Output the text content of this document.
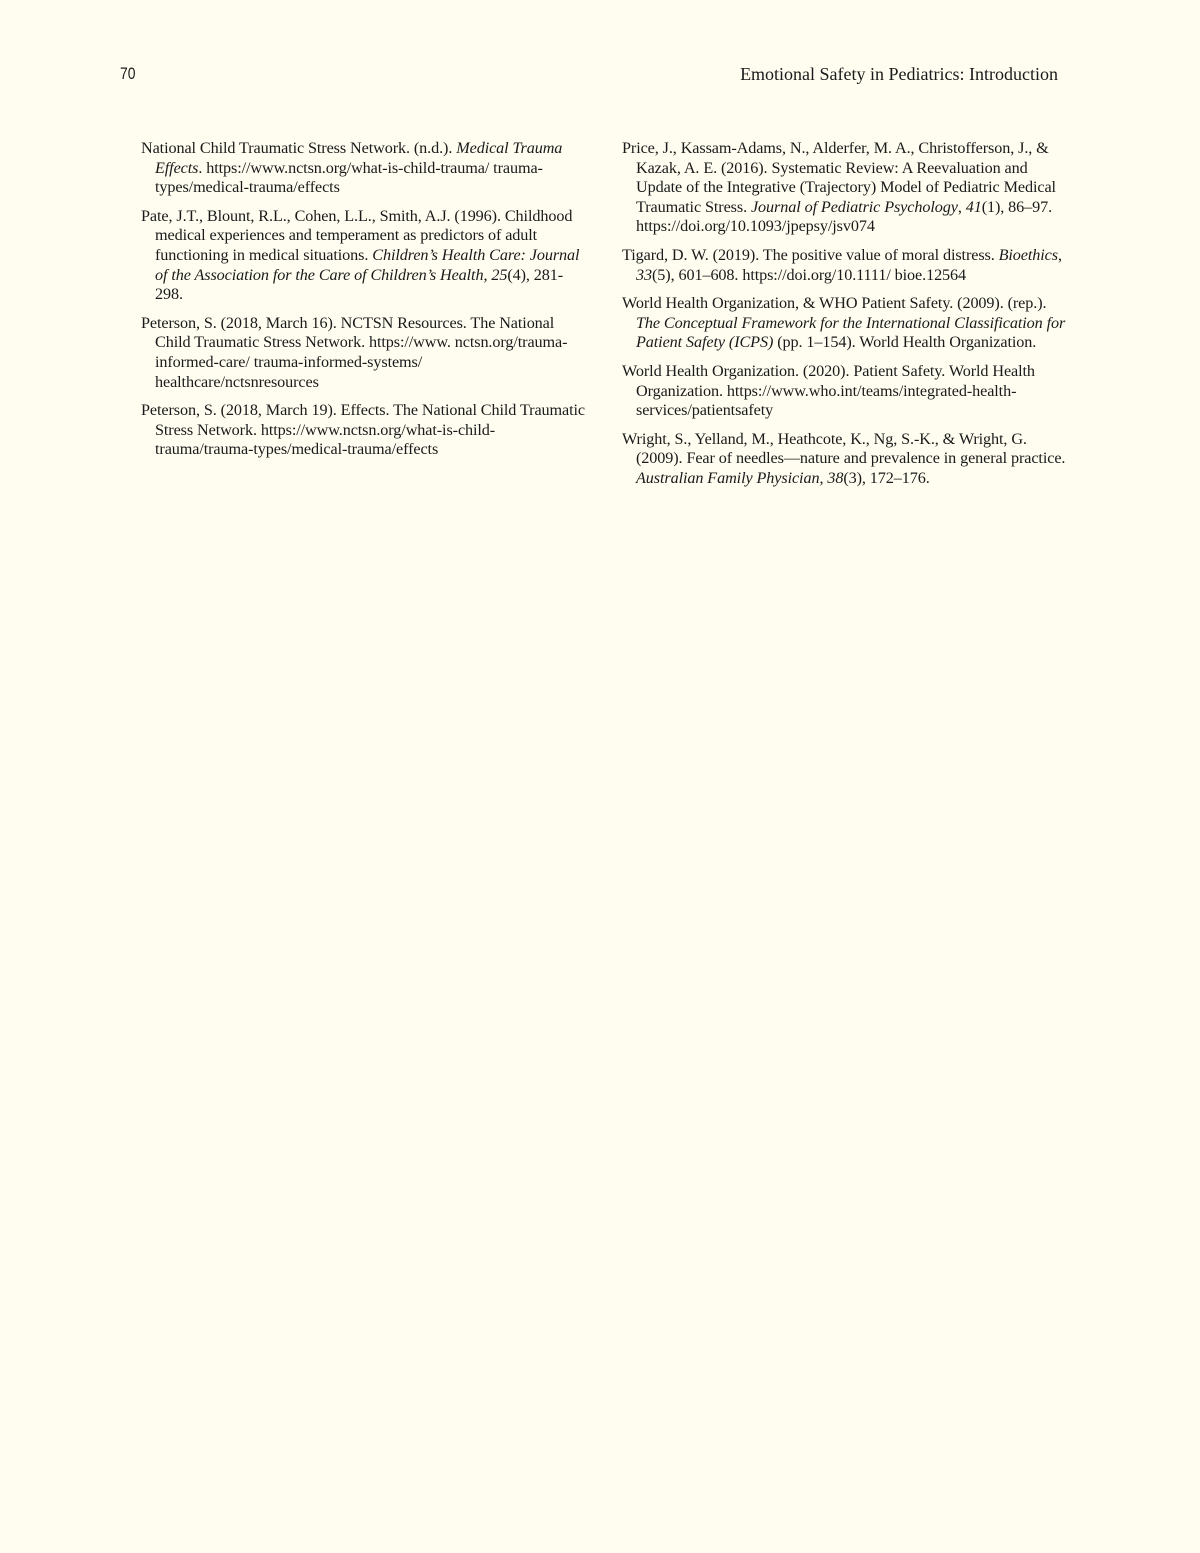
70	Emotional Safety in Pediatrics: Introduction

National Child Traumatic Stress Network. (n.d.). Medical Trauma Effects. https://www.nctsn.org/what-is-child-trauma/ trauma-types/medical-trauma/effects

Pate, J.T., Blount, R.L., Cohen, L.L., Smith, A.J. (1996). Childhood medical experiences and temperament as predictors of adult functioning in medical situations. Children’s Health Care: Journal of the Association for the Care of Children’s Health, 25(4), 281-298.

Peterson, S. (2018, March 16). NCTSN Resources. The National Child Traumatic Stress Network. https://www. nctsn.org/trauma-informed-care/ trauma-informed-systems/ healthcare/nctsnresources

Peterson, S. (2018, March 19). Effects. The National Child Traumatic Stress Network. https://www.nctsn.org/what-is-child-trauma/trauma-types/medical-trauma/effects

Price, J., Kassam-Adams, N., Alderfer, M. A., Christofferson, J., & Kazak, A. E. (2016). Systematic Review: A Reevaluation and Update of the Integrative (Trajectory) Model of Pediatric Medical Traumatic Stress. Journal of Pediatric Psychology, 41(1), 86–97. https://doi.org/10.1093/jpepsy/jsv074

Tigard, D. W. (2019). The positive value of moral distress. Bioethics, 33(5), 601–608. https://doi.org/10.1111/ bioe.12564

World Health Organization, & WHO Patient Safety. (2009). (rep.). The Conceptual Framework for the International Classification for Patient Safety (ICPS) (pp. 1–154). World Health Organization.

World Health Organization. (2020). Patient Safety. World Health Organization. https://www.who.int/teams/integrated-health-services/patientsafety

Wright, S., Yelland, M., Heathcote, K., Ng, S.-K., & Wright, G. (2009). Fear of needles—nature and prevalence in general practice. Australian Family Physician, 38(3), 172–176.
